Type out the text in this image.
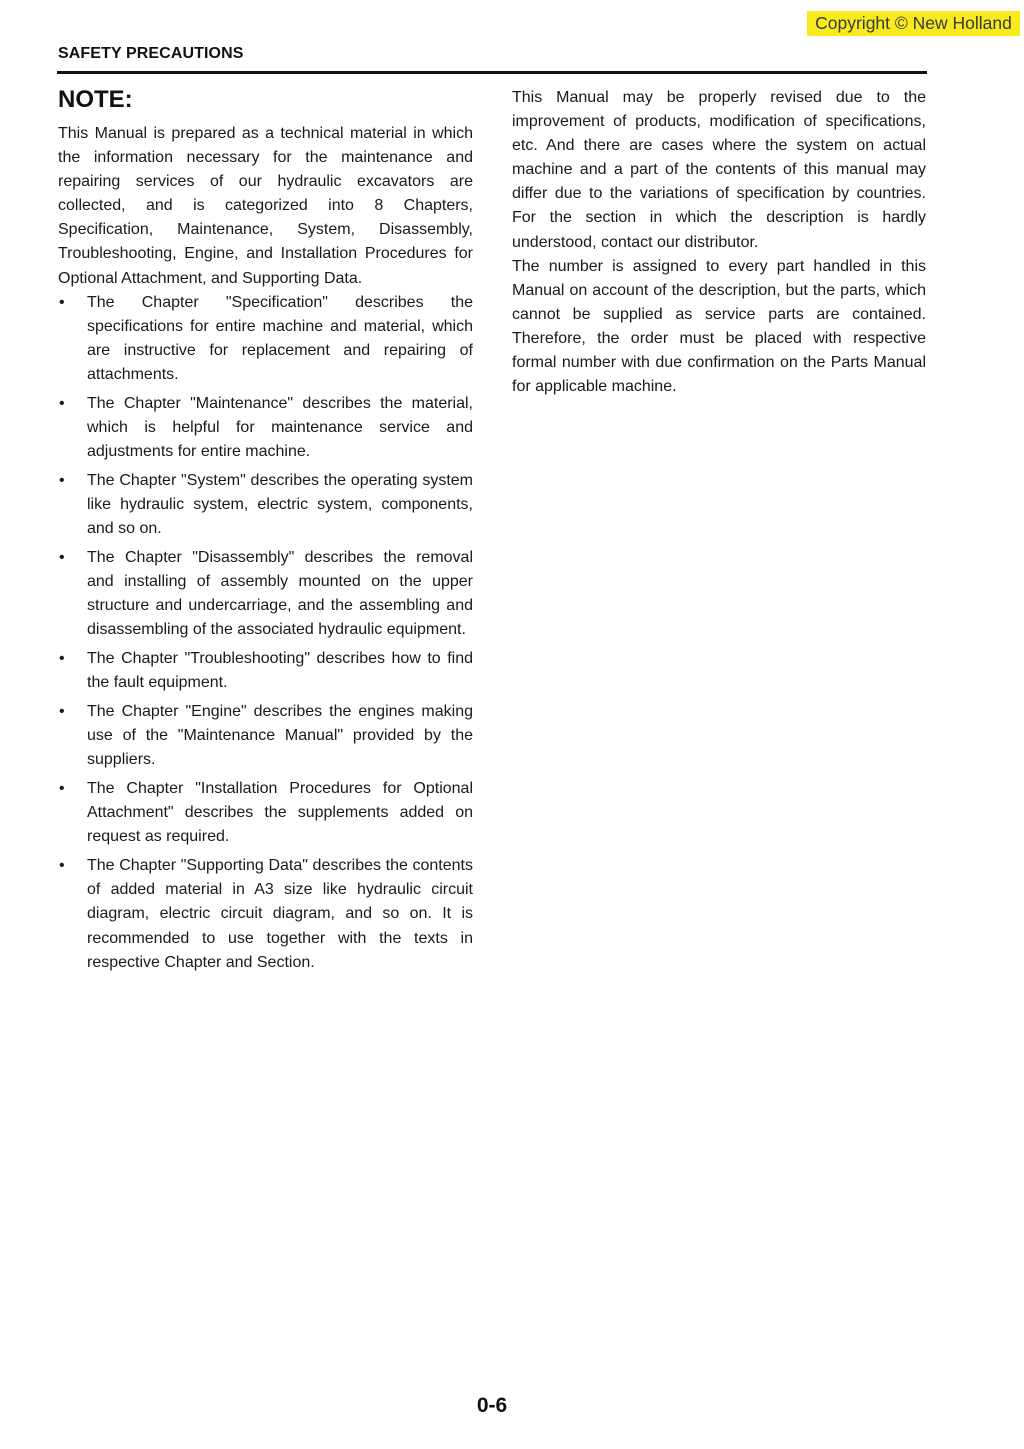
Copyright © New Holland
SAFETY PRECAUTIONS
NOTE:

This Manual is prepared as a technical material in which the information necessary for the maintenance and repairing services of our hydraulic excavators are collected, and is categorized into 8 Chapters, Specification, Maintenance, System, Disassembly, Troubleshooting, Engine, and Installation Procedures for Optional Attachment, and Supporting Data.

• The Chapter "Specification" describes the specifications for entire machine and material, which are instructive for replacement and repairing of attachments.
• The Chapter "Maintenance" describes the material, which is helpful for maintenance service and adjustments for entire machine.
• The Chapter "System" describes the operating system like hydraulic system, electric system, components, and so on.
• The Chapter "Disassembly" describes the removal and installing of assembly mounted on the upper structure and undercarriage, and the assembling and disassembling of the associated hydraulic equipment.
• The Chapter "Troubleshooting" describes how to find the fault equipment.
• The Chapter "Engine" describes the engines making use of the "Maintenance Manual" provided by the suppliers.
• The Chapter "Installation Procedures for Optional Attachment" describes the supplements added on request as required.
• The Chapter "Supporting Data" describes the contents of added material in A3 size like hydraulic circuit diagram, electric circuit diagram, and so on. It is recommended to use together with the texts in respective Chapter and Section.

This Manual may be properly revised due to the improvement of products, modification of specifications, etc. And there are cases where the system on actual machine and a part of the contents of this manual may differ due to the variations of specification by countries. For the section in which the description is hardly understood, contact our distributor.

The number is assigned to every part handled in this Manual on account of the description, but the parts, which cannot be supplied as service parts are contained. Therefore, the order must be placed with respective formal number with due confirmation on the Parts Manual for applicable machine.

0-6
